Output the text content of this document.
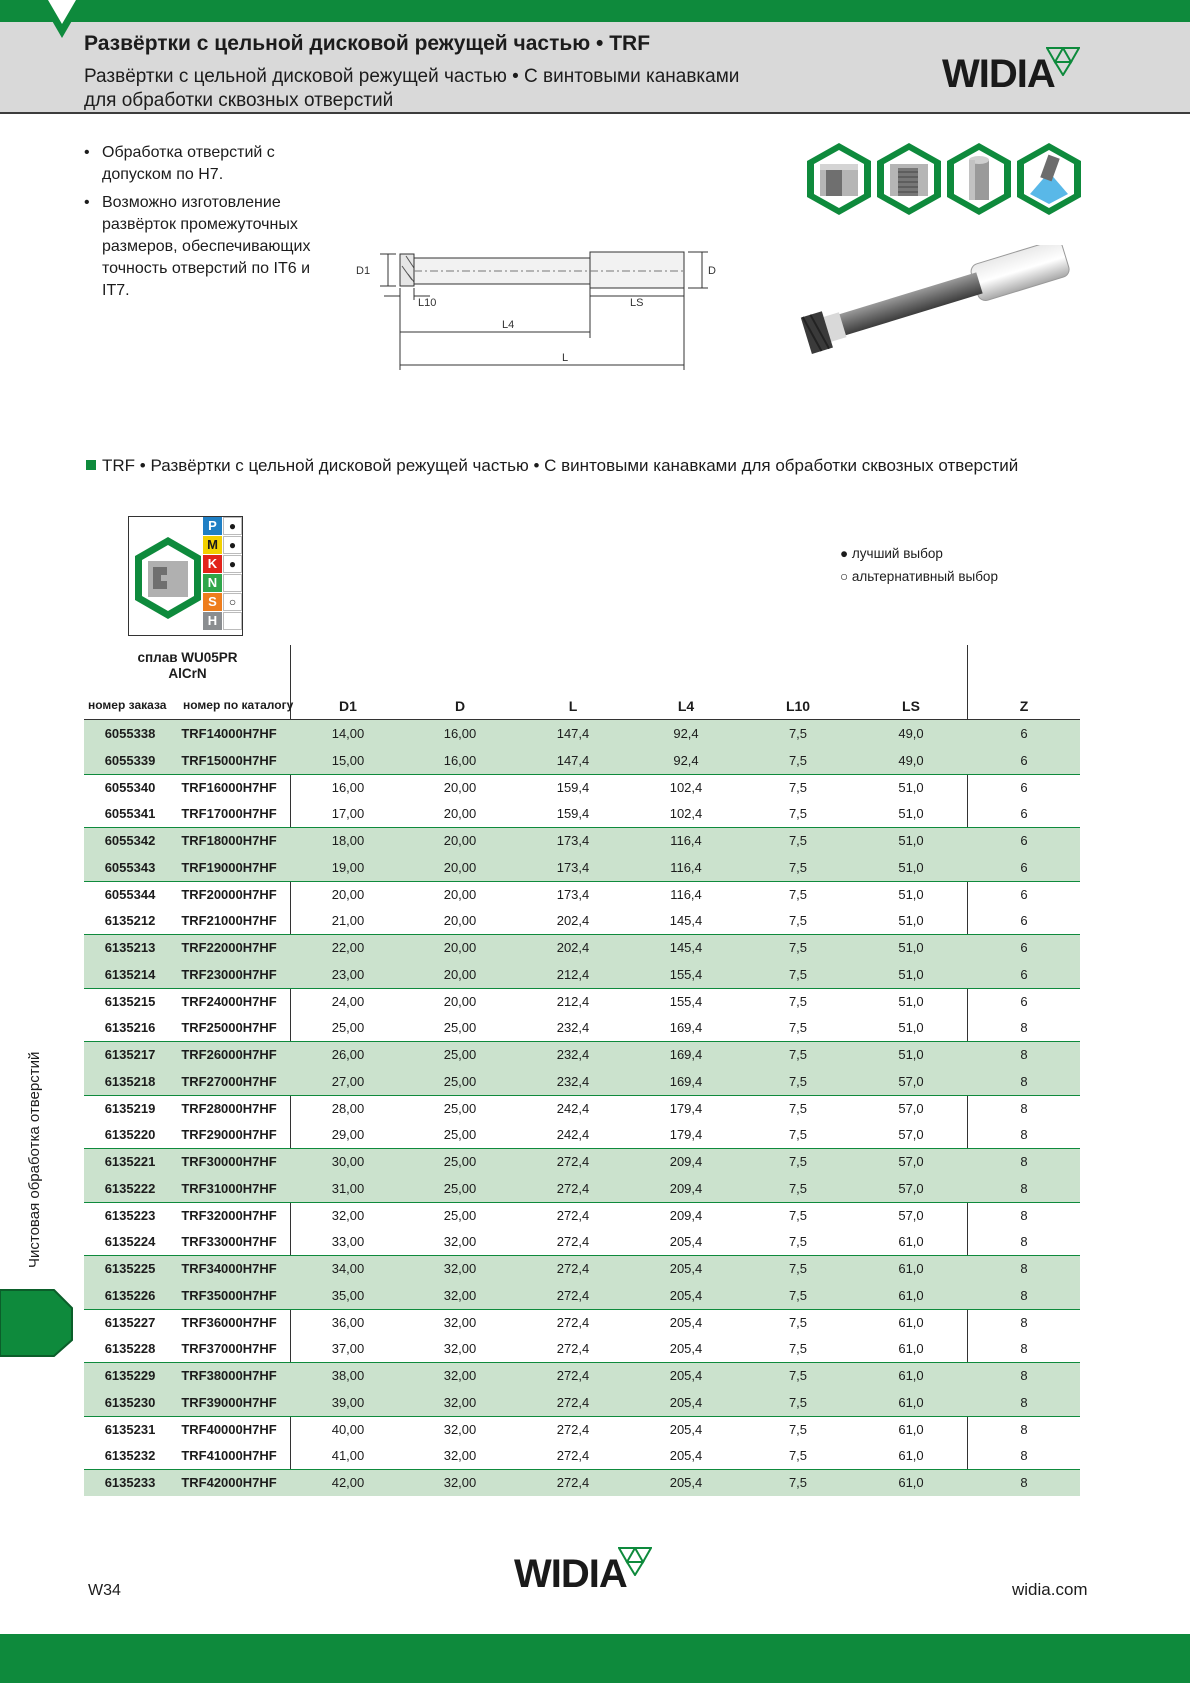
Развёртки с цельной дисковой режущей частью • TRF
Развёртки с цельной дисковой режущей частью • С винтовыми канавками
для обработки сквозных отверстий
WIDIA
• Обработка отверстий с допуском по H7.
• Возможно изготовление развёрток промежуточных размеров, обеспечивающих точность отверстий по IT6 и IT7.
D1	D
L10	LS
L4
L
TRF • Развёртки с цельной дисковой режущей частью • С винтовыми канавками для обработки сквозных отверстий
P	●
M ●
K ●
N
S	○
H
● лучший выбор
○ альтернативный выбор
сплав WU05PR
AlCrN
номер заказа номер по каталогу	D1	D	L	L4	L10	LS	Z
6055338	TRF14000H7HF	14,00	16,00	147,4	92,4	7,5	49,0	6
6055339	TRF15000H7HF	15,00	16,00	147,4	92,4	7,5	49,0	6
6055340	TRF16000H7HF	16,00	20,00	159,4	102,4	7,5	51,0	6
6055341	TRF17000H7HF	17,00	20,00	159,4	102,4	7,5	51,0	6
6055342	TRF18000H7HF	18,00	20,00	173,4	116,4	7,5	51,0	6
6055343	TRF19000H7HF	19,00	20,00	173,4	116,4	7,5	51,0	6
6055344	TRF20000H7HF	20,00	20,00	173,4	116,4	7,5	51,0	6
6135212	TRF21000H7HF	21,00	20,00	202,4	145,4	7,5	51,0	6
6135213	TRF22000H7HF	22,00	20,00	202,4	145,4	7,5	51,0	6
6135214	TRF23000H7HF	23,00	20,00	212,4	155,4	7,5	51,0	6
6135215	TRF24000H7HF	24,00	20,00	212,4	155,4	7,5	51,0	6
6135216	TRF25000H7HF	25,00	25,00	232,4	169,4	7,5	51,0	8
6135217	TRF26000H7HF	26,00	25,00	232,4	169,4	7,5	51,0	8
6135218	TRF27000H7HF	27,00	25,00	232,4	169,4	7,5	57,0	8
6135219	TRF28000H7HF	28,00	25,00	242,4	179,4	7,5	57,0	8
6135220	TRF29000H7HF	29,00	25,00	242,4	179,4	7,5	57,0	8
6135221	TRF30000H7HF	30,00	25,00	272,4	209,4	7,5	57,0	8
6135222	TRF31000H7HF	31,00	25,00	272,4	209,4	7,5	57,0	8
6135223	TRF32000H7HF	32,00	25,00	272,4	209,4	7,5	57,0	8
6135224	TRF33000H7HF	33,00	32,00	272,4	205,4	7,5	61,0	8
6135225	TRF34000H7HF	34,00	32,00	272,4	205,4	7,5	61,0	8
6135226	TRF35000H7HF	35,00	32,00	272,4	205,4	7,5	61,0	8
6135227	TRF36000H7HF	36,00	32,00	272,4	205,4	7,5	61,0	8
6135228	TRF37000H7HF	37,00	32,00	272,4	205,4	7,5	61,0	8
6135229	TRF38000H7HF	38,00	32,00	272,4	205,4	7,5	61,0	8
6135230	TRF39000H7HF	39,00	32,00	272,4	205,4	7,5	61,0	8
6135231	TRF40000H7HF	40,00	32,00	272,4	205,4	7,5	61,0	8
6135232	TRF41000H7HF	41,00	32,00	272,4	205,4	7,5	61,0	8
6135233	TRF42000H7HF	42,00	32,00	272,4	205,4	7,5	61,0	8
Чистовая обработка отверстий
W34	WIDIA	widia.com
